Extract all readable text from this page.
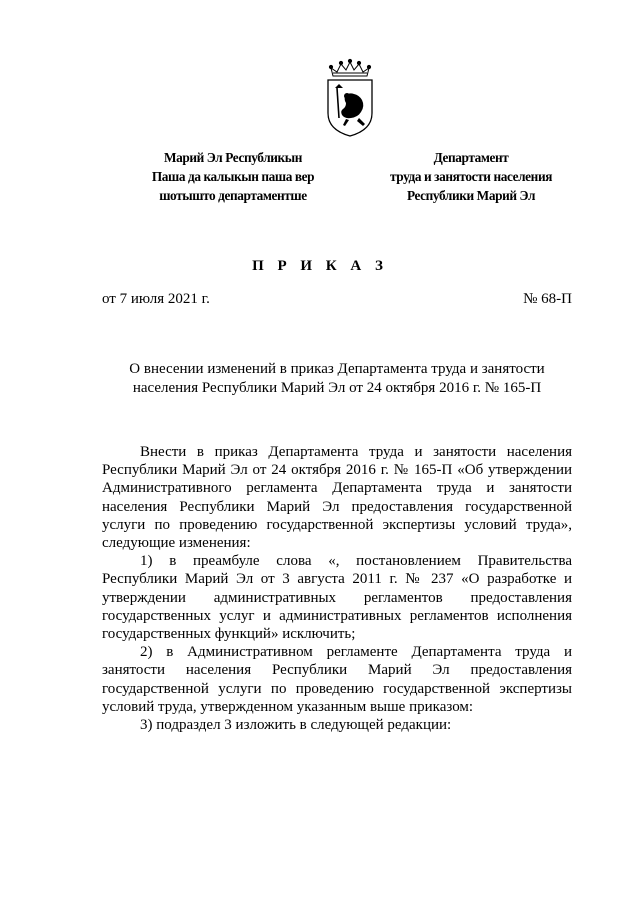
Марий Эл Республикын
Паша да калыкын паша вер
шотышто департаментше
Департамент
труда и занятости населения
Республики Марий Эл
П Р И К А З
от 7 июля 2021 г.	№ 68-П
О внесении изменений в приказ Департамента труда и занятости
населения Республики Марий Эл от 24 октября 2016 г. № 165-П

Внести в приказ Департамента труда и занятости населения Республики Марий Эл от 24 октября 2016 г. № 165-П «Об утверждении Административного регламента Департамента труда и занятости населения Республики Марий Эл предоставления государственной услуги по проведению государственной экспертизы условий труда», следующие изменения:

1) в преамбуле слова «, постановлением Правительства Республики Марий Эл от 3 августа 2011 г. № 237 «О разработке и утверждении административных регламентов предоставления государственных услуг и административных регламентов исполнения государственных функций» исключить;

2) в Административном регламенте Департамента труда и занятости населения Республики Марий Эл предоставления государственной услуги по проведению государственной экспертизы условий труда, утвержденном указанным выше приказом:

3) подраздел 3 изложить в следующей редакции:
